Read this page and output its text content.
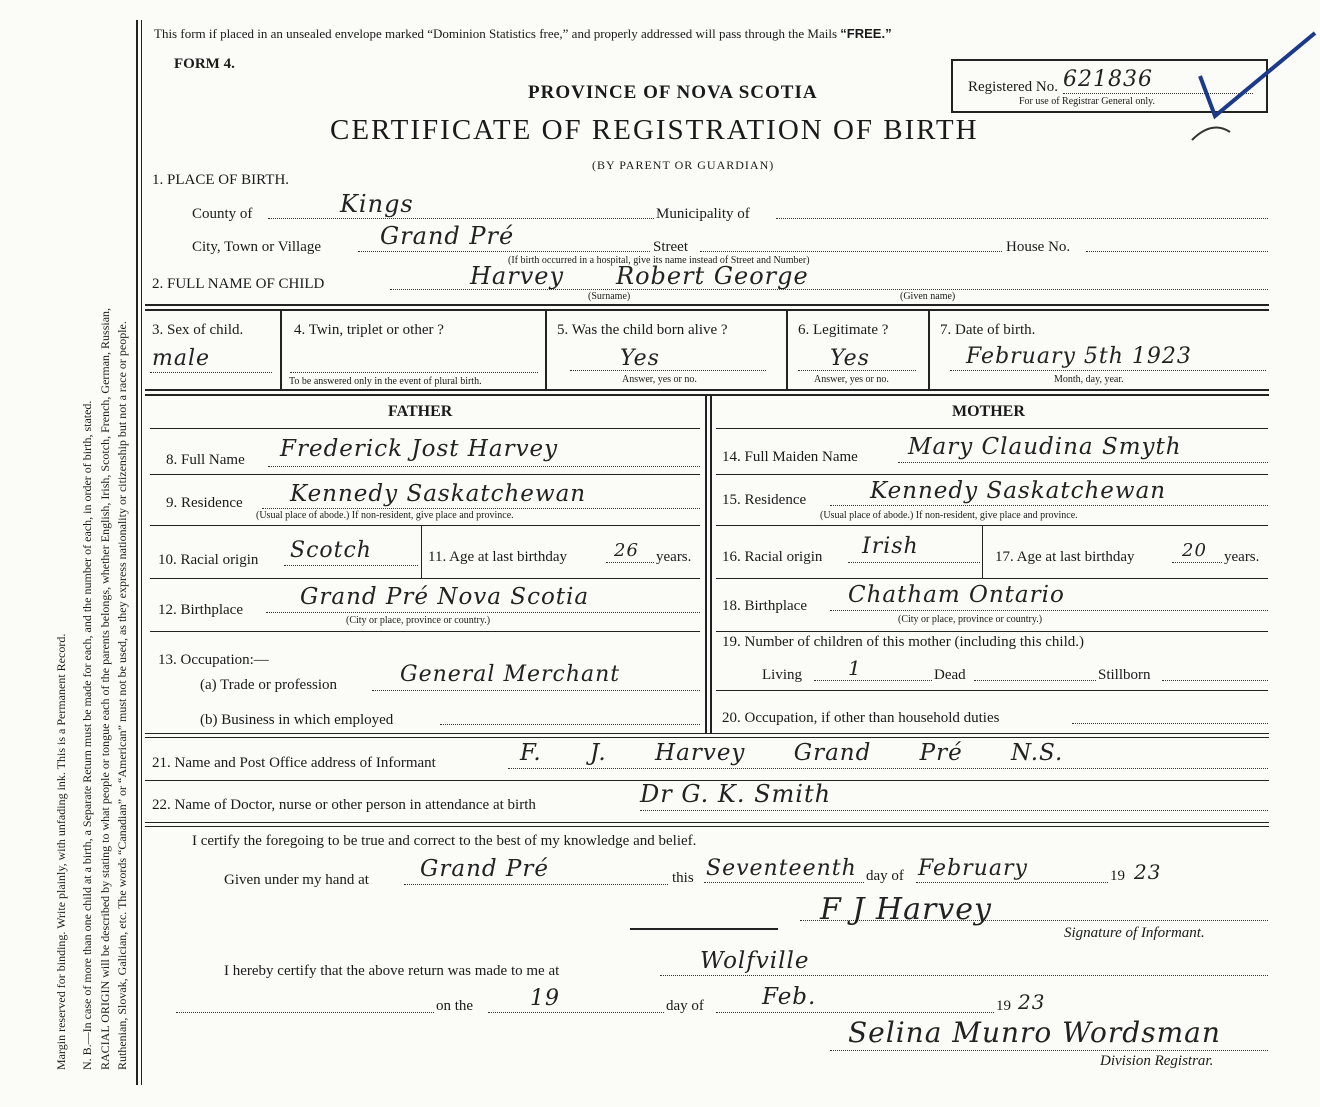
Margin reserved for binding. Write plainly, with unfading ink. This is a Permanent Record. N. B.—In case of more than one child at a birth, a Separate Return must be made for each, and the number of each, in order of birth, stated. RACIAL ORIGIN will be described by stating to what people or tongue each of the parents belongs, whether English, Irish, Scotch, French, German, Russian, Ruthenian, Slovak, Galician, etc. The words “Canadian” or “American” must not be used, as they express nationality or citizenship but not a race or people.
This form if placed in an unsealed envelope marked “Dominion Statistics free,” and properly addressed will pass through the Mails “FREE.”
FORM 4.
PROVINCE OF NOVA SCOTIA
CERTIFICATE OF REGISTRATION OF BIRTH
(BY PARENT OR GUARDIAN)
Registered No. 621836
For use of Registrar General only.
1. PLACE OF BIRTH.
County of	Kings	Municipality of
City, Town or Village Grand Pré	Street	House No.
(If birth occurred in a hospital, give its name instead of Street and Number)
2. FULL NAME OF CHILD	Harvey Robert George
(Surname)	(Given name)
3. Sex of child.
male
4. Twin, triplet or other ?
To be answered only in the event of plural birth.
5. Was the child born alive ?
Yes
Answer, yes or no.
6. Legitimate ?
Yes
Answer, yes or no.
7. Date of birth.
February 5th 1923
Month, day, year.
FATHER	MOTHER
8. Full Name Frederick Jost Harvey
9. Residence Kennedy Saskatchewan
(Usual place of abode.) If non-resident, give place and province.
10. Racial origin Scotch	11. Age at last birthday	26 years.
12. Birthplace Grand Pré Nova Scotia
(City or place, province or country.)
13. Occupation:—
(a) Trade or profession	General Merchant
(b) Business in which employed
14. Full Maiden Name Mary Claudina Smyth
15. Residence	Kennedy Saskatchewan
(Usual place of abode.) If non-resident, give place and province.
16. Racial origin Irish	17. Age at last birthday	20 years.
18. Birthplace Chatham Ontario
(City or place, province or country.)
19. Number of children of this mother (including this child.)
Living 1	Dead	Stillborn
20. Occupation, if other than household duties
21. Name and Post Office address of Informant	F. J. Harvey Grand Pré N.S.
22. Name of Doctor, nurse or other person in attendance at birth	Dr G. K. Smith
I certify the foregoing to be true and correct to the best of my knowledge and belief.
Given under my hand at Grand Pré	this Seventeenth day of February	19 23
F J Harvey
Signature of Informant.
I hereby certify that the above return was made to me at	Wolfville
on the	19	day of	Feb.	19 23
Selina Munro Wordsman
Division Registrar.
